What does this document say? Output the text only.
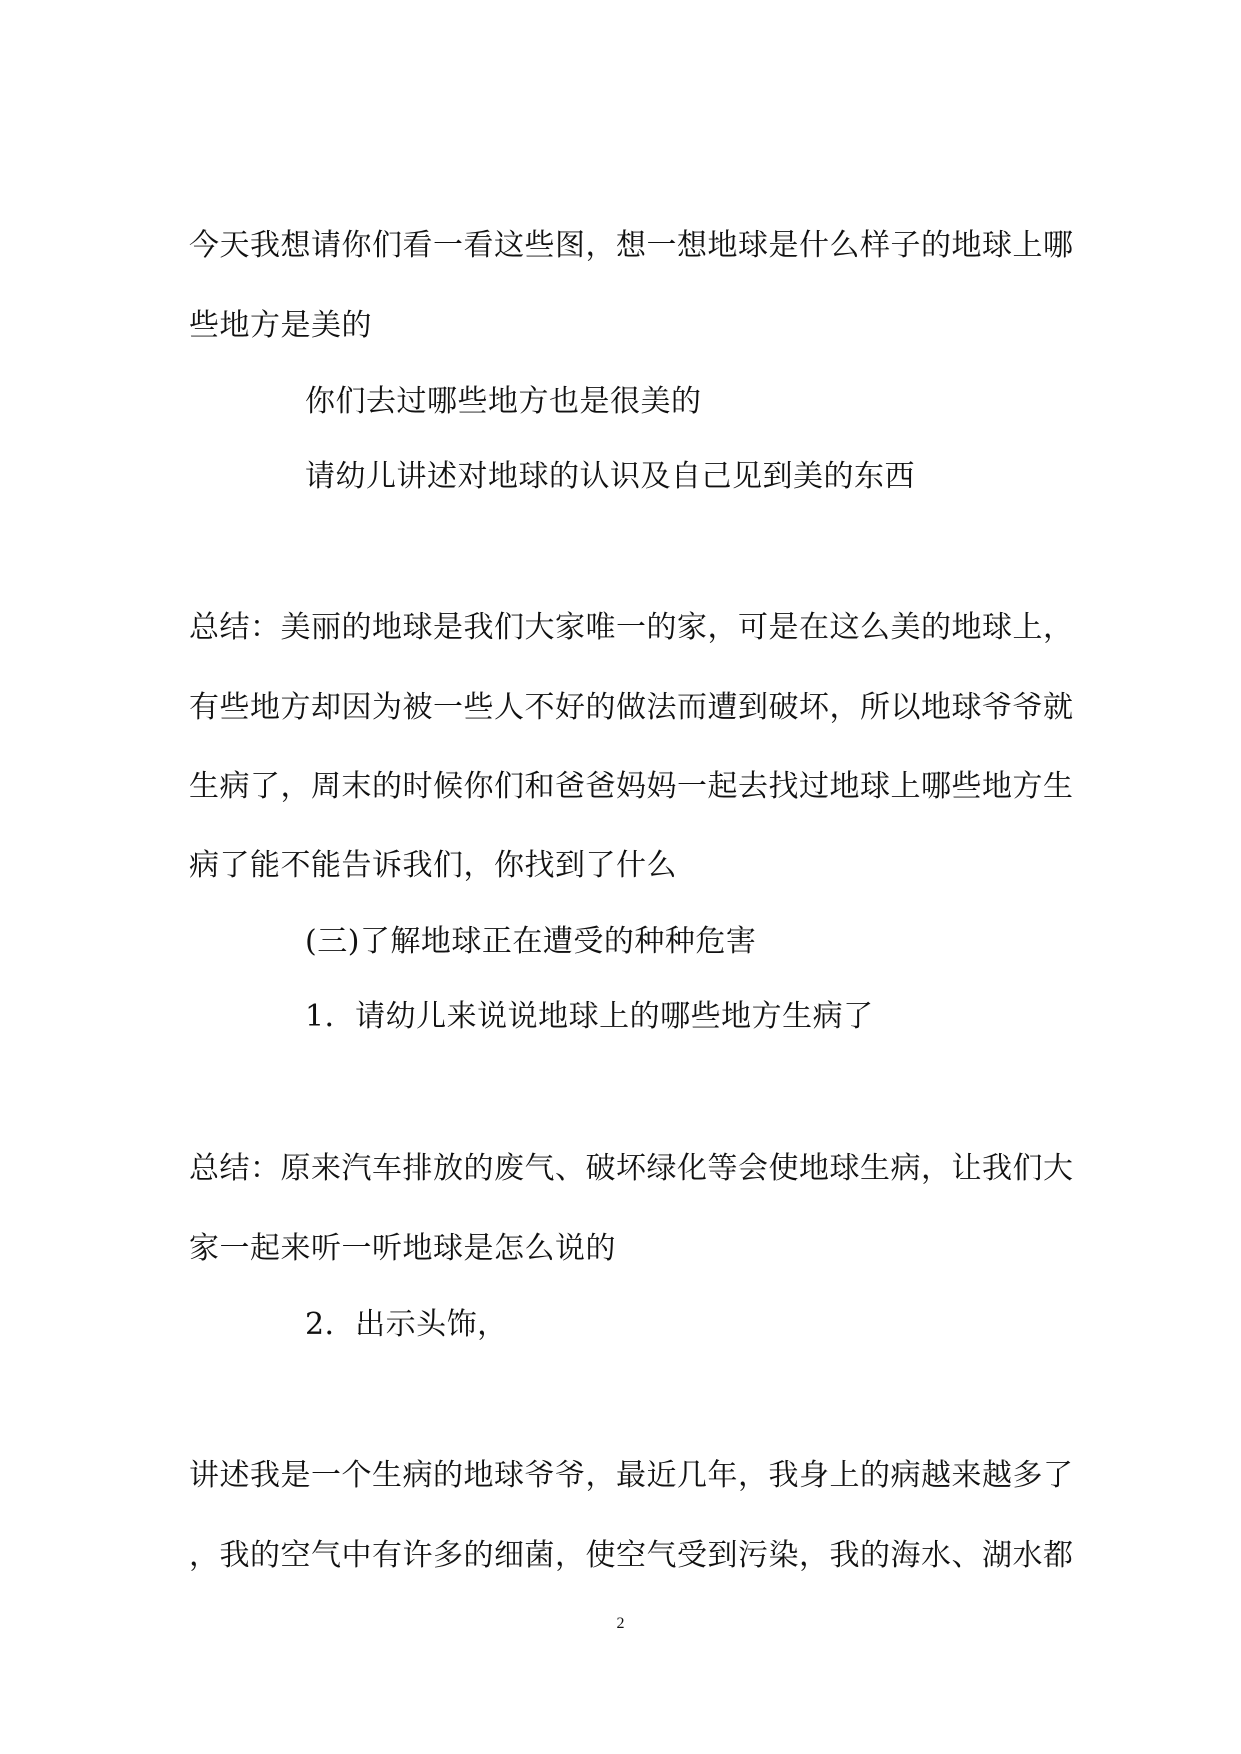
今天我想请你们看一看这些图，想一想地球是什么样子的地球上哪
些地方是美的
你们去过哪些地方也是很美的
请幼儿讲述对地球的认识及自己见到美的东西
总结：美丽的地球是我们大家唯一的家，可是在这么美的地球上，
有些地方却因为被一些人不好的做法而遭到破坏，所以地球爷爷就
生病了，周末的时候你们和爸爸妈妈一起去找过地球上哪些地方生
病了能不能告诉我们，你找到了什么
(三)了解地球正在遭受的种种危害
1．请幼儿来说说地球上的哪些地方生病了
总结：原来汽车排放的废气、破坏绿化等会使地球生病，让我们大
家一起来听一听地球是怎么说的
2．出示头饰，
讲述我是一个生病的地球爷爷，最近几年，我身上的病越来越多了
，我的空气中有许多的细菌，使空气受到污染，我的海水、湖水都
2
